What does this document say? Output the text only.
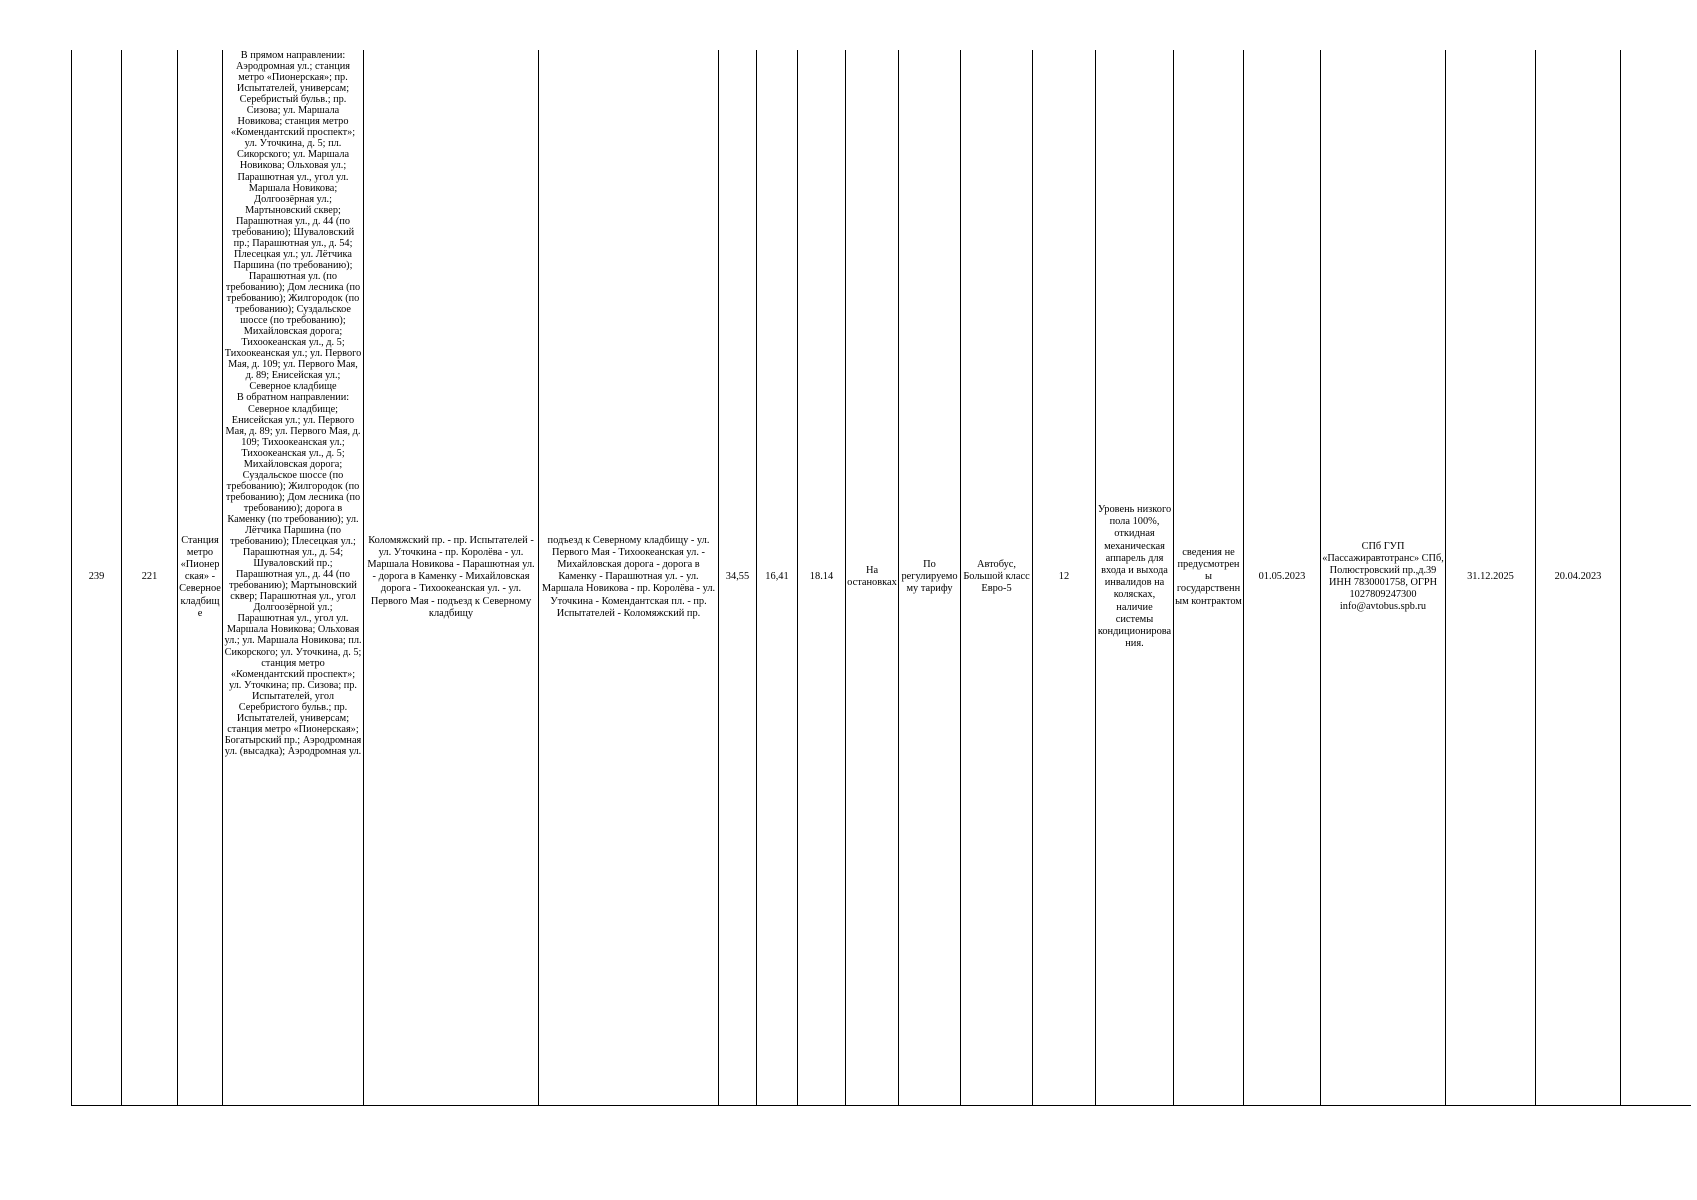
239	221	Станция метро «Пионерская» - Северное кладбище	В прямом направлении: Аэродромная ул.; станция метро «Пионерская»; пр. Испытателей, универсам; Серебристый бульв.; пр. Сизова; ул. Маршала Новикова; станция метро «Комендантский проспект»; ул. Уточкина, д. 5; пл. Сикорского; ул. Маршала Новикова; Ольховая ул.; Парашютная ул., угол ул. Маршала Новикова; Долгоозёрная ул.; Мартыновский сквер; Парашютная ул., д. 44 (по требованию); Шуваловский пр.; Парашютная ул., д. 54; Плесецкая ул.; ул. Лётчика Паршина (по требованию); Парашютная ул. (по требованию); Дом лесника (по требованию); Жилгородок (по требованию); Суздальское шоссе (по требованию); Михайловская дорога; Тихоокеанская ул., д. 5; Тихоокеанская ул.; ул. Первого Мая, д. 109; ул. Первого Мая, д. 89; Енисейская ул.; Северное кладбище
В обратном направлении: Северное кладбище; Енисейская ул.; ул. Первого Мая, д. 89; ул. Первого Мая, д. 109; Тихоокеанская ул.; Тихоокеанская ул., д. 5; Михайловская дорога; Суздальское шоссе (по требованию); Жилгородок (по требованию); Дом лесника (по требованию); дорога в Каменку (по требованию); ул. Лётчика Паршина (по требованию); Плесецкая ул.; Парашютная ул., д. 54; Шуваловский пр.; Парашютная ул., д. 44 (по требованию); Мартыновский сквер; Парашютная ул., угол Долгоозёрной ул.; Парашютная ул., угол ул. Маршала Новикова; Ольховая ул.; ул. Маршала Новикова; пл. Сикорского; ул. Уточкина, д. 5; станция метро «Комендантский проспект»; ул. Уточкина; пр. Сизова; пр. Испытателей, угол Серебристого бульв.; пр. Испытателей, универсам; станция метро «Пионерская»; Богатырский пр.; Аэродромная ул. (высадка); Аэродромная ул.	Коломяжский пр. - пр. Испытателей - ул. Уточкина - пр. Королёва - ул. Маршала Новикова - Парашютная ул. - дорога в Каменку - Михайловская дорога - Тихоокеанская ул. - ул. Первого Мая - подъезд к Северному кладбищу	подъезд к Северному кладбищу - ул. Первого Мая - Тихоокеанская ул. - Михайловская дорога - дорога в Каменку - Парашютная ул. - ул. Маршала Новикова - пр. Королёва - ул. Уточкина - Комендантская пл. - пр. Испытателей - Коломяжский пр.	34,55	16,41	18.14	На остановках	По регулируемому тарифу	Автобус, Большой класс Евро-5	12	Уровень низкого пола 100%, откидная механическая аппарель для входа и выхода инвалидов на колясках, наличие системы кондиционирования.	сведения не предусмотрены государственным контрактом	01.05.2023	СПб ГУП «Пассажиравтотранс» СПб, Полюстровский пр.,д.39 ИНН 7830001758, ОГРН 1027809247300 info@avtobus.spb.ru	31.12.2025	20.04.2023	
